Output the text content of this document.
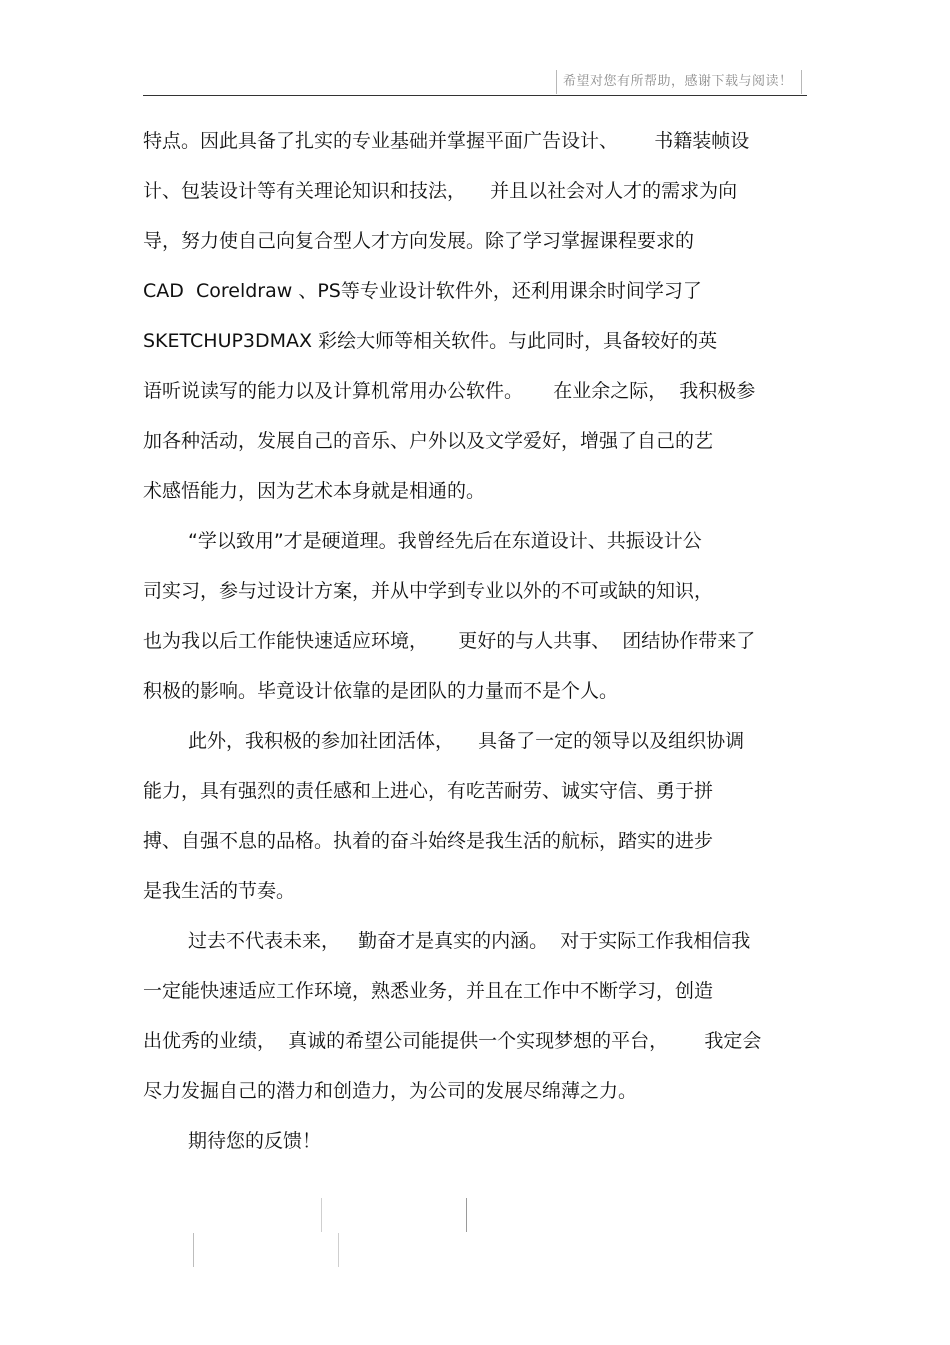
希望对您有所帮助，感谢下载与阅读！
特点。因此具备了扎实的专业基础并掌握平面广告设计、      书籍装帧设
计、包装设计等有关理论知识和技法，    并且以社会对人才的需求为向
导，努力使自己向复合型人才方向发展。除了学习掌握课程要求的
CAD  Coreldraw 、PS等专业设计软件外，还利用课余时间学习了
SKETCHUP3DMAX 彩绘大师等相关软件。与此同时，具备较好的英
语听说读写的能力以及计算机常用办公软件。     在业余之际，  我积极参
加各种活动，发展自己的音乐、户外以及文学爱好，增强了自己的艺
术感悟能力，因为艺术本身就是相通的。
“学以致用”才是硬道理。我曾经先后在东道设计、共振设计公
司实习，参与过设计方案，并从中学到专业以外的不可或缺的知识，
也为我以后工作能快速适应环境，     更好的与人共事、  团结协作带来了
积极的影响。毕竟设计依靠的是团队的力量而不是个人。
此外，我积极的参加社团活体，    具备了一定的领导以及组织协调
能力，具有强烈的责任感和上进心，有吃苦耐劳、诚实守信、勇于拼
搏、自强不息的品格。执着的奋斗始终是我生活的航标，踏实的进步
是我生活的节奏。
过去不代表未来，   勤奋才是真实的内涵。  对于实际工作我相信我
一定能快速适应工作环境，熟悉业务，并且在工作中不断学习，创造
出优秀的业绩，  真诚的希望公司能提供一个实现梦想的平台，      我定会
尽力发掘自己的潜力和创造力，为公司的发展尽绵薄之力。
期待您的反馈！
